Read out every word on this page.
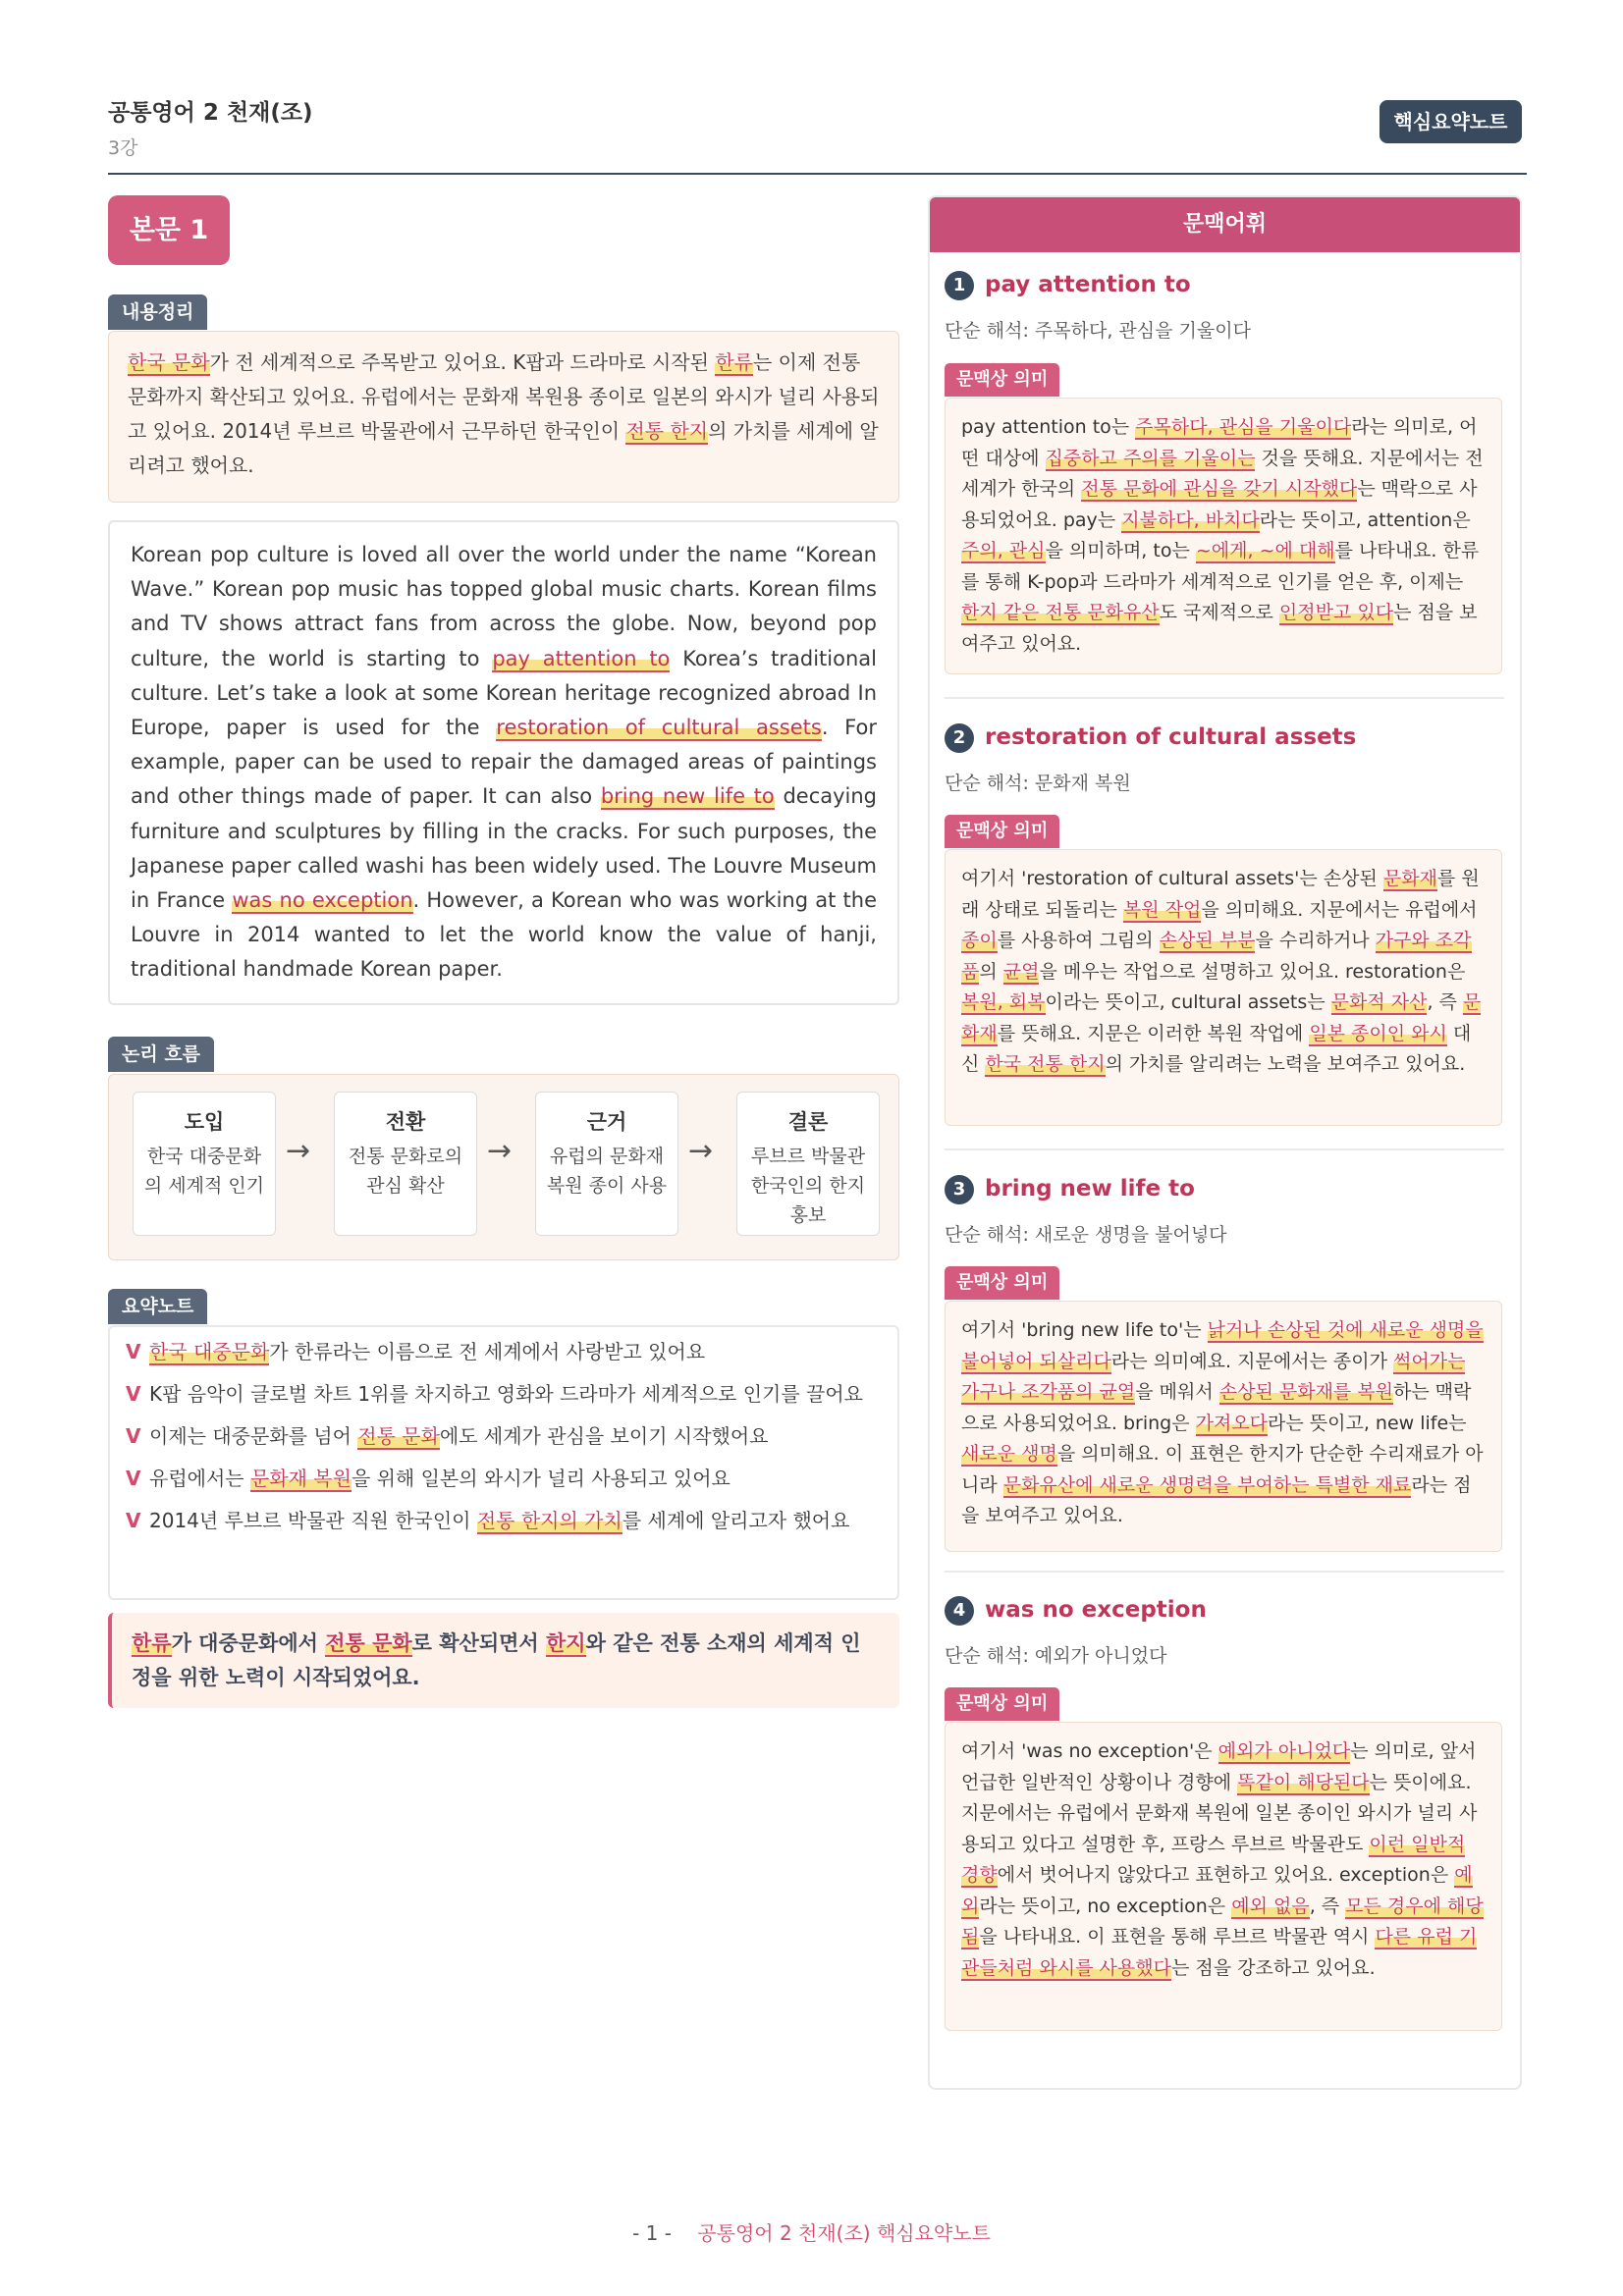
공통영어 2 천재(조)
3강
핵심요약노트
본문 1
내용정리
한국 문화가 전 세계적으로 주목받고 있어요. K팝과 드라마로 시작된 한류는 이제 전통 문화까지 확산되고 있어요. 유럽에서는 문화재 복원용 종이로 일본의 와시가 널리 사용되고 있어요. 2014년 루브르 박물관에서 근무하던 한국인이 전통 한지의 가치를 세계에 알리려고 했어요.
Korean pop culture is loved all over the world under the name “Korean Wave.” Korean pop music has topped global music charts. Korean films and TV shows attract fans from across the globe. Now, beyond pop culture, the world is starting to pay attention to Korea’s traditional culture. Let’s take a look at some Korean heritage recognized abroad In Europe, paper is used for the restoration of cultural assets. For example, paper can be used to repair the damaged areas of paintings and other things made of paper. It can also bring new life to decaying furniture and sculptures by filling in the cracks. For such purposes, the Japanese paper called washi has been widely used. The Louvre Museum in France was no exception. However, a Korean who was working at the Louvre in 2014 wanted to let the world know the value of hanji, traditional handmade Korean paper.
논리 흐름
도입
한국 대중문화의 세계적 인기
→
전환
전통 문화로의 관심 확산
→
근거
유럽의 문화재 복원 종이 사용
→
결론
루브르 박물관 한국인의 한지 홍보
요약노트
V 한국 대중문화가 한류라는 이름으로 전 세계에서 사랑받고 있어요
V K팝 음악이 글로벌 차트 1위를 차지하고 영화와 드라마가 세계적으로 인기를 끌어요
V 이제는 대중문화를 넘어 전통 문화에도 세계가 관심을 보이기 시작했어요
V 유럽에서는 문화재 복원을 위해 일본의 와시가 널리 사용되고 있어요
V 2014년 루브르 박물관 직원 한국인이 전통 한지의 가치를 세계에 알리고자 했어요
한류가 대중문화에서 전통 문화로 확산되면서 한지와 같은 전통 소재의 세계적 인정을 위한 노력이 시작되었어요.
문맥어휘
1 pay attention to
단순 해석: 주목하다, 관심을 기울이다
문맥상 의미
pay attention to는 주목하다, 관심을 기울이다라는 의미로, 어떤 대상에 집중하고 주의를 기울이는 것을 뜻해요. 지문에서는 전 세계가 한국의 전통 문화에 관심을 갖기 시작했다는 맥락으로 사용되었어요. pay는 지불하다, 바치다라는 뜻이고, attention은 주의, 관심을 의미하며, to는 ~에게, ~에 대해를 나타내요. 한류를 통해 K-pop과 드라마가 세계적으로 인기를 얻은 후, 이제는 한지 같은 전통 문화유산도 국제적으로 인정받고 있다는 점을 보여주고 있어요.
2 restoration of cultural assets
단순 해석: 문화재 복원
문맥상 의미
여기서 'restoration of cultural assets'는 손상된 문화재를 원래 상태로 되돌리는 복원 작업을 의미해요. 지문에서는 유럽에서 종이를 사용하여 그림의 손상된 부분을 수리하거나 가구와 조각품의 균열을 메우는 작업으로 설명하고 있어요. restoration은 복원, 회복이라는 뜻이고, cultural assets는 문화적 자산, 즉 문화재를 뜻해요. 지문은 이러한 복원 작업에 일본 종이인 와시 대신 한국 전통 한지의 가치를 알리려는 노력을 보여주고 있어요.
3 bring new life to
단순 해석: 새로운 생명을 불어넣다
문맥상 의미
여기서 'bring new life to'는 낡거나 손상된 것에 새로운 생명을 불어넣어 되살리다라는 의미예요. 지문에서는 종이가 썩어가는 가구나 조각품의 균열을 메워서 손상된 문화재를 복원하는 맥락으로 사용되었어요. bring은 가져오다라는 뜻이고, new life는 새로운 생명을 의미해요. 이 표현은 한지가 단순한 수리재료가 아니라 문화유산에 새로운 생명력을 부여하는 특별한 재료라는 점을 보여주고 있어요.
4 was no exception
단순 해석: 예외가 아니었다
문맥상 의미
여기서 'was no exception'은 예외가 아니었다는 의미로, 앞서 언급한 일반적인 상황이나 경향에 똑같이 해당된다는 뜻이에요. 지문에서는 유럽에서 문화재 복원에 일본 종이인 와시가 널리 사용되고 있다고 설명한 후, 프랑스 루브르 박물관도 이런 일반적 경향에서 벗어나지 않았다고 표현하고 있어요. exception은 예외라는 뜻이고, no exception은 예외 없음, 즉 모든 경우에 해당됨을 나타내요. 이 표현을 통해 루브르 박물관 역시 다른 유럽 기관들처럼 와시를 사용했다는 점을 강조하고 있어요.
- 1 - 공통영어 2 천재(조) 핵심요약노트
